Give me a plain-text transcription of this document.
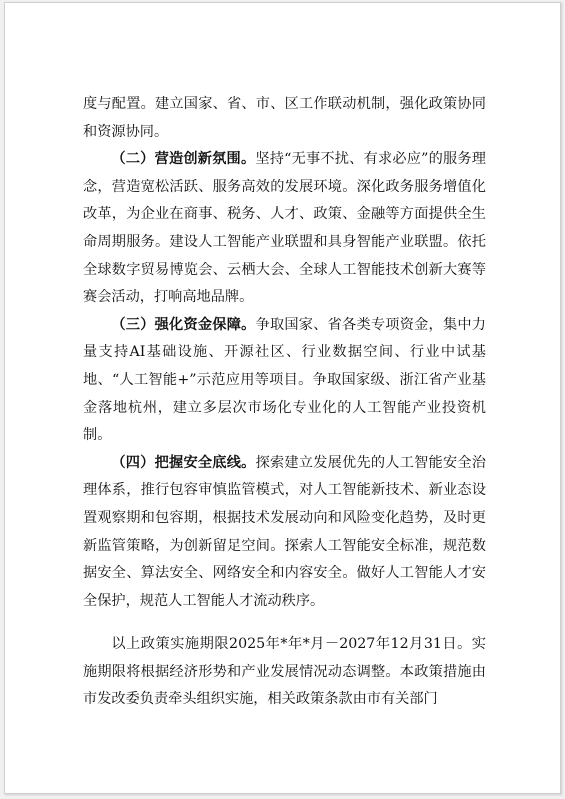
度与配置。建立国家、省、市、区工作联动机制，强化政策协同和资源协同。

（二）营造创新氛围。坚持“无事不扰、有求必应”的服务理念，营造宽松活跃、服务高效的发展环境。深化政务服务增值化改革，为企业在商事、税务、人才、政策、金融等方面提供全生命周期服务。建设人工智能产业联盟和具身智能产业联盟。依托全球数字贸易博览会、云栖大会、全球人工智能技术创新大赛等赛会活动，打响高地品牌。

（三）强化资金保障。争取国家、省各类专项资金，集中力量支持AI基础设施、开源社区、行业数据空间、行业中试基地、“人工智能+”示范应用等项目。争取国家级、浙江省产业基金落地杭州，建立多层次市场化专业化的人工智能产业投资机制。

（四）把握安全底线。探索建立发展优先的人工智能安全治理体系，推行包容审慎监管模式，对人工智能新技术、新业态设置观察期和包容期，根据技术发展动向和风险变化趋势，及时更新监管策略，为创新留足空间。探索人工智能安全标准，规范数据安全、算法安全、网络安全和内容安全。做好人工智能人才安全保护，规范人工智能人才流动秩序。

以上政策实施期限2025年*年*月－2027年12月31日。实施期限将根据经济形势和产业发展情况动态调整。本政策措施由市发改委负责牵头组织实施，相关政策条款由市有关部门
